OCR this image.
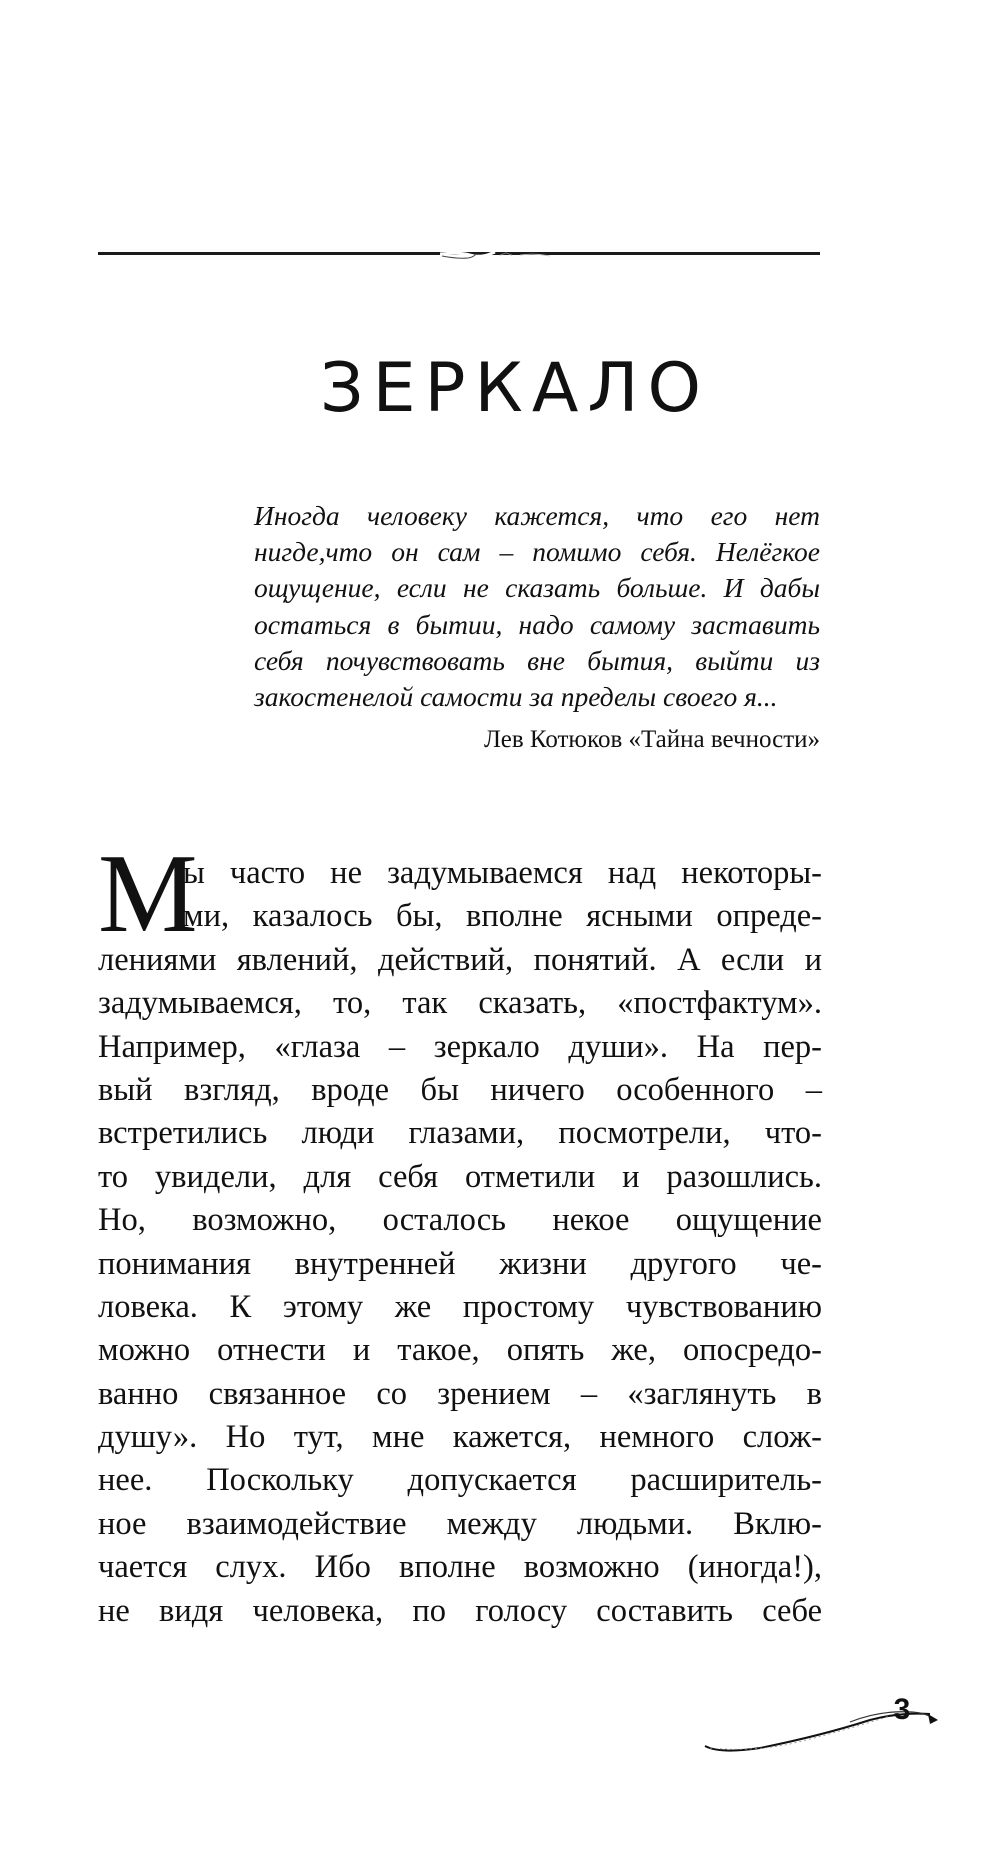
ЗЕРКАЛО

Иногда человеку кажется, что его нет
нигде,что он сам – помимо себя. Нелёгкое
ощущение, если не сказать больше. И дабы
остаться в бытии, надо самому заставить
себя почувствовать вне бытия, выйти из
закостенелой самости за пределы своего я...

Лев Котюков «Тайна вечности»

М
ы часто не задумываемся над некоторы-
ми, казалось бы, вполне ясными опреде-
лениями явлений, действий, понятий. А если и
задумываемся, то, так сказать, «постфактум».
Например, «глаза – зеркало души». На пер-
вый взгляд, вроде бы ничего особенного –
встретились люди глазами, посмотрели, что-
то увидели, для себя отметили и разошлись.
Но, возможно, осталось некое ощущение
понимания внутренней жизни другого че-
ловека. К этому же простому чувствованию
можно отнести и такое, опять же, опосредо-
ванно связанное со зрением – «заглянуть в
душу». Но тут, мне кажется, немного слож-
нее. Поскольку допускается расширитель-
ное взаимодействие между людьми. Вклю-
чается слух. Ибо вполне возможно (иногда!),
не видя человека, по голосу составить себе
3
